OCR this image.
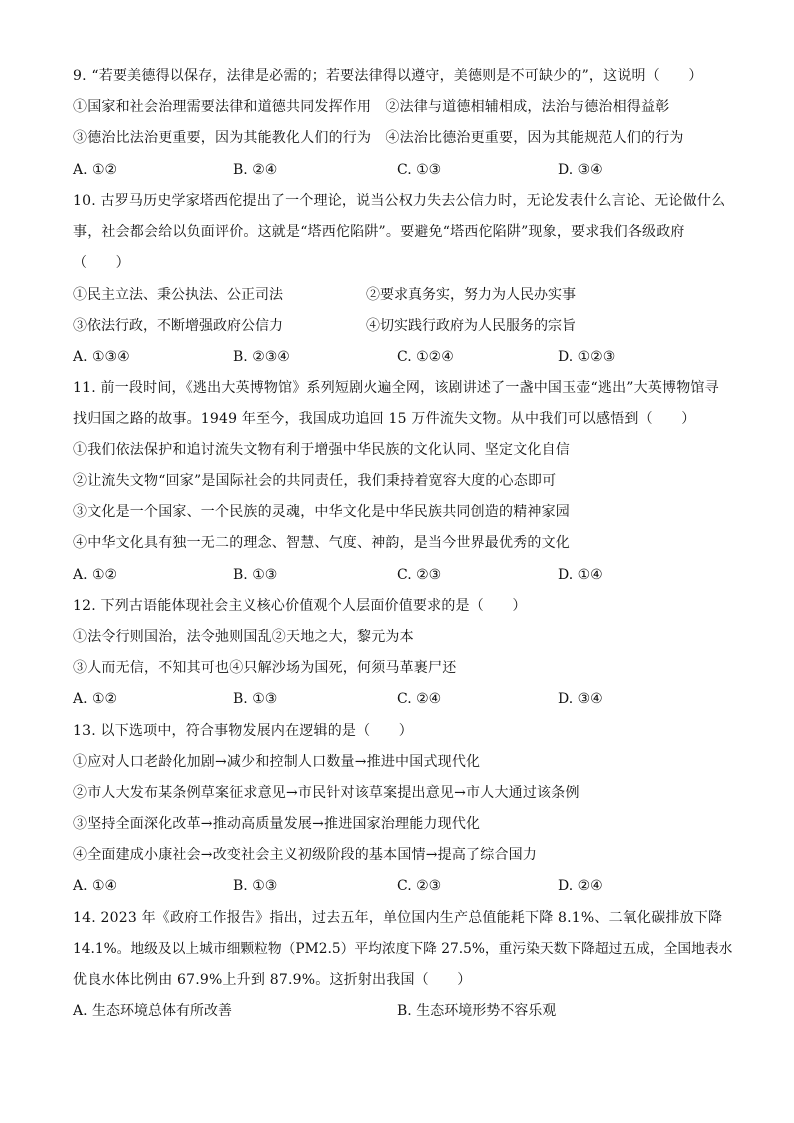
9. “若要美德得以保存，法律是必需的；若要法律得以遵守，美德则是不可缺少的”，这说明（　　）
①国家和社会治理需要法律和道德共同发挥作用　②法律与道德相辅相成，法治与德治相得益彰
③德治比法治更重要，因为其能教化人们的行为　④法治比德治更重要，因为其能规范人们的行为
A. ①②	B. ②④	C. ①③	D. ③④
10. 古罗马历史学家塔西佗提出了一个理论，说当公权力失去公信力时，无论发表什么言论、无论做什么
事，社会都会给以负面评价。这就是“塔西佗陷阱”。要避免“塔西佗陷阱”现象，要求我们各级政府
（　　）
①民主立法、秉公执法、公正司法	②要求真务实，努力为人民办实事
③依法行政，不断增强政府公信力	④切实践行政府为人民服务的宗旨
A. ①③④	B. ②③④	C. ①②④	D. ①②③
11. 前一段时间，《逃出大英博物馆》系列短剧火遍全网，该剧讲述了一盏中国玉壶“逃出”大英博物馆寻
找归国之路的故事。1949 年至今，我国成功追回 15 万件流失文物。从中我们可以感悟到（　　）
①我们依法保护和追讨流失文物有利于增强中华民族的文化认同、坚定文化自信
②让流失文物“回家”是国际社会的共同责任，我们秉持着宽容大度的心态即可
③文化是一个国家、一个民族的灵魂，中华文化是中华民族共同创造的精神家园
④中华文化具有独一无二的理念、智慧、气度、神韵，是当今世界最优秀的文化
A. ①②	B. ①③	C. ②③	D. ①④
12. 下列古语能体现社会主义核心价值观个人层面价值要求的是（　　）
①法令行则国治，法令弛则国乱②天地之大，黎元为本
③人而无信，不知其可也④只解沙场为国死，何须马革裹尸还
A. ①②	B. ①③	C. ②④	D. ③④
13. 以下选项中，符合事物发展内在逻辑的是（　　）
①应对人口老龄化加剧→减少和控制人口数量→推进中国式现代化
②市人大发布某条例草案征求意见→市民针对该草案提出意见→市人大通过该条例
③坚持全面深化改革→推动高质量发展→推进国家治理能力现代化
④全面建成小康社会→改变社会主义初级阶段的基本国情→提高了综合国力
A. ①④	B. ①③	C. ②③	D. ②④
14. 2023 年《政府工作报告》指出，过去五年，单位国内生产总值能耗下降 8.1%、二氧化碳排放下降
14.1%。地级及以上城市细颗粒物（PM2.5）平均浓度下降 27.5%，重污染天数下降超过五成，全国地表水
优良水体比例由 67.9%上升到 87.9%。这折射出我国（　　）
A. 生态环境总体有所改善	B. 生态环境形势不容乐观
